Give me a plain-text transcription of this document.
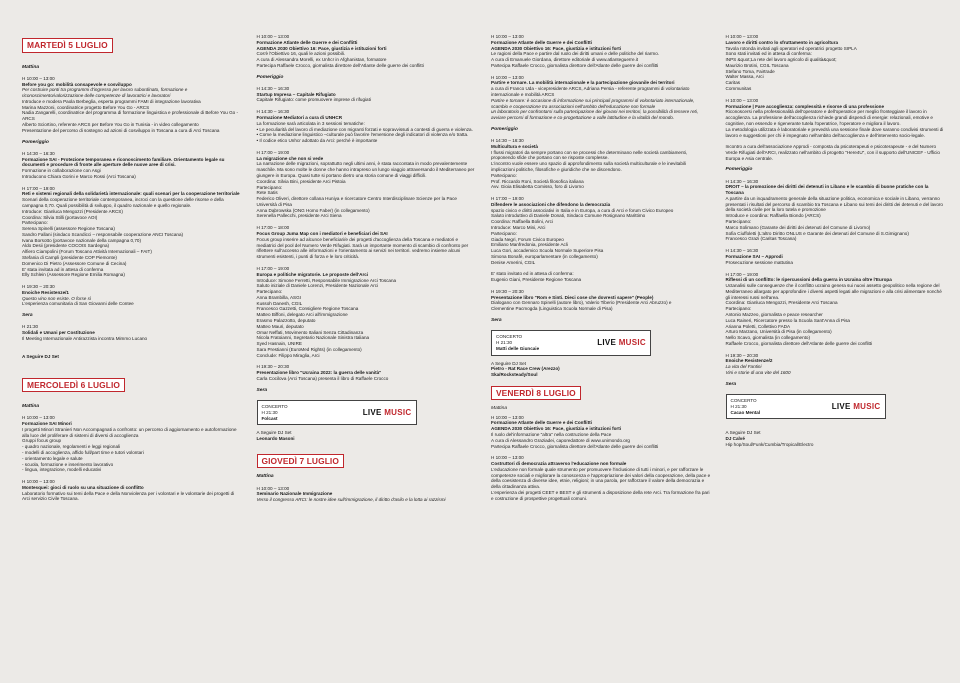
MARTEDÌ 5 LUGLIO
Mattina

H 10:00 – 13:00

Before you go: mobilità consapevole e cosviluppo

Per costruire ponti tra programmi d'ingresso per lavoro subordinato, formazione e riconoscimento/valorizzazione delle competenze di lavoratrici e lavoratori

Introduce e modera Paola Berbeglia, esperta programmi FAMI di integrazione lavorativa

Marina Mazzoni, coordinatrice progetto Before You Go - ARCS

Nadia Zangarelli, coordinatrice del programma di formazione linguistica e professionale di Before You Go - ARCS

Alberto Sciortino, referente ARCS per Before You Go in Tunisia - in video collegamento

Presentazione del percorso di sostegno ad azioni di cosviluppo in Toscana a cura di Arci Toscana

Pomeriggio

H 14:30 – 16:30

Formazione SAI - Protezione temporanea e riconoscimento familiare. Orientamento legale su documenti e procedure di fronte alle aperture delle nuove aree di crisi.

Formazione in collaborazione con Asgi

Introducono Chiara Gorini e Marco Rossi (Arci Toscana)

H 17:00 – 19:00

Reti e sistemi regionali della solidarietà internazionale: quali scenari per la cooperazione territoriale

Scenari della cooperazione territoriale contemporanea, incroci con la questione delle risorse e della campagna 0,70. Quali possibilità di sviluppo, il quadro nazionale e quello regionale.

Introduce: Gianluca Mengozzi (Presidente ARCS)

Coordina: Silvia Stilli (portavoce AOI)

Partecipano:

Serena Spinelli (assessore Regione Toscana)

Sandro Fallani (sindaco Scandicci – responsabile cooperazione ANCI Toscana)

Ivana Borsotto (portavoce nazionale della campagna 0,70)

Aldo Desii (presidente COCOIS Sardegna)

Alfiero Ciampolini (Forum Toscano Attività Internazionali – FAIT)

Stefania di Campli (presidente COP Piemonte)

Domenico Di Pietro (Assessore Comune di Cecina)

E' stata invitata ad in attesa di conferma

Elly Schlein (Assessore Regione Emilia Romagna)

H 19:30 – 20:30

Enoiche Resistenze/1

Questo vino non esiste. O forse sì

L'esperienza comunitaria di San Giovanni delle Contee

Sera

H 21:30

Solidali e Umani per Costituzione

Il Meeting Internazionale Antirazzista incontra Mimmo Lucano

A Seguire DJ Set

MERCOLEDÌ 6 LUGLIO
Mattina

H 10:00 – 13:00

Formazione SAI Minori

I progetti Minori Stranieri Non Accompagnati a confronto: un percorso di aggiornamento e autoformazione alla luce del proliferare di sistemi di diversi di accoglienza

Gruppi focus group

- quadro nazionale, regolamenti e leggi regionali

- modelli di accoglienza, affido full/part time e tutori volontari

- orientamento legale e salute

- scuola, formazione e inserimento lavorativo

- lingua, integrazione, modelli educativi

H 10:00 – 13:00

Montesquei: gioci di ruolo su una situazione di conflitto

Laboratorio formativo sui temi della Pace e della Nonviolenza per i volontari e le volontarie dei progetti di Arci servizio Civile Toscana.

H 10:00 – 13:00

Formazione Atlante delle Guerre e dei Conflitti

AGENDA 2030 Obiettivo 16: Pace, giustizia e istituzioni forti

Cos'è l'Obiettivo 16, quali le azioni possibili.

A cura di Alessandra Morelli, ex Unhcr in Afghanistan, formatore

Partecipa Raffaele Crocco, giornalista direttore dell'Atlante delle guerre dei conflitti

Pomeriggio

H 14:30 – 16:30

Startup Impresa – Capitale Rifugiato

Capitale Rifugiato: come promuovere imprese di rifugiati

H 14:30 – 16:30

Formazione Mediatori a cura di UNHCR

La formazione sarà articolata in 3 sessioni tematiche:

• Le peculiarità del lavoro di mediazione con migranti forzati e sopravvissuti a contesti di guerra e violenza.

• Come la mediazione linguistico –culturale può favorire l'emersione degli indicatori di violenza e/o tratta.

• Il codice etico Unhcr adottato da Arci: perché è importante

H 17:00 – 19:00

La migrazione che non si vede

La narrazione delle migrazioni, soprattutto negli ultimi anni, è stata raccontata in modo prevalentemente maschile. Ma sono molte le donne che hanno intrapreso un lungo viaggio attraversando il Mediterraneo per giungere in Europa. Quasi tutte si portano dietro una storia comune di viaggi difficili.

Coordina: Silvia Bini, presidente Arci Pistoia

Partecipano:

Rete Satis

Federico Oliveri, direttore collana Huniya e ricercatore Centro Interdisciplinare Scienze per la Pace

Università di Pisa

Anna Dąbrowska (ONG Homo Faber) (in collegamento)

Serenella Pallecchi, presidente Arci Siena

H 17:00 – 18:00

Focus Group Juma Map con i mediatori e beneficiari dei SAI

Focus group inserire ad alcunce beneficiari/e dei progetti d'accoglienza della Toscana e mediatori e mediatrici del pool del Numero Verde Rifugiati. Sarà un importante momento di scambio di confronto per riflettere sull'accesso alle informazioni e l'orientamento ai servizi nei territori. vedremo insieme alcuni strumenti esistenti, i punti di forza e le loro criticità.

H 17:00 – 19:00

Europa e politiche migratorie. Le proposte dell'Arci

Introduce: Simone Ferretti, Responsabile Immigrazione Arci Toscana

Saluto iniziale di Daniele Lorenzi, Presidente Nazionale Arci

Partecipano:

Anna Brambilla, ASGI

Kussoh Danesh, CGIL

Francesco Gazzetti, Consigliere Regione Toscana

Matteo Biffoni, delegato Arci all'immigrazione

Erasmo Palazzotto, deputato

Matteo Mauri, deputato

Omar Neffati, Movimento Italiani Senza Cittadinanza

Nicola Fratoianni, Segretario Nazionale Sinistra Italiana

Syed Hasnain, UNIRE

Sara Prestianni (EuroMed Rights) (in collegamento)

Conclude: Filippo Miraglia, Arci

H 19:30 – 20:30

Presentazione libro "Ucraina 2022: la guerra delle vanità"

Carla Cocilova (Arci Toscana) presenta il libro di Raffaele Crocco

Sera

CONCERTO

H 21:30

Folcast

LIVE MUSIC

A Seguire DJ Set

Leonardo Masoni

GIOVEDÌ 7 LUGLIO
Mattina

H 10:00 – 13:00

Seminario Nazionale Immigrazione

Verso il congresso ARCI: le nostre idee sull'immigrazione, il diritto d'asilo e la lotta ai razzismi

H 10:00 – 13:00

Formazione Atlante delle Guerre e dei Conflitti

AGENDA 2030 Obiettivo 16: Pace, giustizia e istituzioni forti

Le ragioni della Pace e partire dal ruolo dei diritti umani e delle politiche del riarmo.

A cura di Emanuele Giordana, direttore editoriale di www.atlanteguerre.it

Partecipa Raffaele Crocco, giornalista direttore dell'Atlante delle guerre dei conflitti

H 10:00 – 13:00

Partire e tornare. La mobilità internazionale e la partecipazione giovanile dei territori

a cura di Franco Uda - vicepresidente ARCS, Adriana Persia - referente programmi di volontariato internazionale e mobilità ARCS

Partire e tornare: è occasione di informazione sui principali programmi di volontariato internazionale, scambio e cooperazione tra associazioni nell'ambito dell'educazione non formale

un laboratorio per confrontarsi sulla partecipazione dei giovani nei territori, la possibilità di tessere reti, avviare percorsi di formazione e co-progettazione a valle lattitudine e la vitalità del mondo.

Pomeriggio

H 14:30 – 16:30

Multicultura e società

I flussi migratori da sempre portano con se processi che determinano nelle società cambiamenti,

proponendo sfide che portano con se risposte complesse.

L'incontro vuole essere uno spazio di approfondimento sulla società multiculturale e le inevitabili

implicazioni politiche, filosofiche e giuridiche che ne discendono.

Partecipano:

Prof. Riccardo Roni, Società filosofica italiana

Avv. Gioia Elisabetta Comisso, foro di Livorno

H 17:00 – 19:00

Difendere le associazioni che difendono la democrazia

spazio civico e diritti associativi in Italia e in Europa, a cura di Arci e forum Civico Europeo

Saluto introduttivo di Daniele Donati, Sindaco Comune Rosignano Marittimo

Coordina: Raffaella Bolini, Arci

Introduce: Marco Mini, Arci

Partecipano:

Giada Negri, Forum Civico Europeo

Emiliano Manfredonia, presidente Acli

Luca Gori, accademico Scuola Normale Superiore Pisa

Simona Bonafè, europarlamentare (in collegamento)

Denise Amerini, CGIL

E' stato invitato ed in attesa di conferma:

Eugenio Giani, Presidente Regione Toscana

H 19:30 – 20:30

Presentazione libro "Rom e Sinti. Dieci cose che dovresti sapere" (People)

Dialogano con Gennaro Spinelli (autore libro), Valerio Tiberio (Presidente Arci Abruzzo) e

Clementine Pacmogda (Linguistica Scuola Normale di Pisa)

Sera

CONCERTO

H 21:30

Matti delle Giuncaie

LIVE MUSIC

A Seguire DJ Set

Pietro - Rat Race Crew (Arezzo)

Ska/Rocksteady/Soul

VENERDÌ 8 LUGLIO
Mattina

H 10:00 – 13:00

Formazione Atlante delle Guerre e dei Conflitti

AGENDA 2030 Obiettivo 16: Pace, giustizia e istituzioni forti

Il ruolo del'informazione "altra" nella costruzione della Pace

A cura di Alessandro Graziadei, caporedattore di www.unimondo.org

Partecipa Raffaele Crocco, giornalista direttore dell'Atlante delle guerre dei conflitti

H 10:00 – 13:00

Costruttori di democrazia attraverso l'educazione non formale

L'educazione non formale quale strumento per promuovere l'inclusione di tutti i minori, e per rafforzare le competenze sociali e migliorare la conoscenza e l'appropriazione dei valori della cooperazione, della pace e della coesistenza di diverse idee, etnie, religioni; in una parola, per rafforzare il valore della democrazia e della cittadinanza attiva.

L'esperienza dei progetti CEET e BEST e gli strumenti a disposizione della rete Arci. Tra formazione fra pari e costruzione di prospettive progettuali comuni.

H 10:00 – 13:00

Lavoro e diritti contro lo sfruttamento in agricoltura

Tavola rotonda invitati agli operatori ed operatrici progetto SIPLA

Sono stati invitati ed in attesa di conferma:

INPS &quot;La rete del lavoro agricolo di qualità&quot;

Maurizio Brotini, CGIL Toscana

Stefano Toma, Fairtrade

Walter Massa, Arci

Caritas

Communitas

H 10:00 – 13:00

Formazione | Fare accoglienza: complessità e risorse di una professione

Riconoscersi nella professionalità dell'operatore e dell'operatrice per meglio fronteggiare il lavoro in accoglienza. La professione dell'accoglienza richiede grandi dispendi di energie: relazionali, emotive e cognitive, non essendo e rigenerante tutela l'operatrice, l'operatore e migliora il lavoro.

La metodologia utilizzata è laboratoriale e prevedrà una sessione finale dove saranno condivisi strumenti di lavoro e suggestioni per chi è impegnato nell'ambito dell'accoglienza e dell'intervento socio-legale.

Incontro a cura dell'associazione Approdi - composta da psicoterapeuti e psicoterapeute - e del Numero Verde Rifugiati dell'ARCI, realizzato nell'ambito di progetto "Here4U", con il supporto dell'UNICEF - Ufficio Europa e Asia centrale.

Pomeriggio

H 14:30 – 16:30

DROIT – la promozione dei diritti dei detenuti in Libano e le scambio di buone pratiche con la Toscana

A partire da un inquadramento generale della situazione politica, economica e sociale in Libano, verranno presentati i risultati del percorso di scambio tra Toscana e Libano sui temi dei diritti dei detenuti e del lavoro della società civile per la loro tutela e promozione

Introduce e coordina: Raffaella Biondo (ARCS)

Partecipano:

Marco Solimano (Garante dei diritti dei detenuti del Comune di Livorno)

Sofia Ciuffoletti (L'altro Diritto ONLUS e Garante dei detenuti del Comune di S.Gimignano)

Francesco Grazi (Caritas Toscana)

H 14:30 – 16:30

Formazione SAI – Approdi

Prosecuzione sessione mattutina

H 17:00 – 19:00

Riflessi di un conflitto: le ripercussioni della guerra in Ucraina oltre l'Europa

Uctanalisi sulle conseguenze che il conflitto ucraino genera sui nuovi assetto geopolitico nella regione del Mediterraneo allargato per approfondire i diversi aspetti legati alle migrazioni e alla crisi alimentare nonché gli interessi russi nell'area.

Coordina: Gianluca Mengozzi, Presidente Arci Toscana

Partecipano:

Antonio Mazzeo, giornalista e peace researcher

Luca Raineri, Ricercatore presso la Scuola Sant'Anna di Pisa

Arianna Poletti, Collettivo FADA

Arturo Marzano, Università di Pisa (in collegamento)

Nello Scavo, giornalista (in collegamento)

Raffaele Crocco, giornalista direttore dell'Atlante delle guerre dei conflitti

H 19:30 – 20:30

Enoiche Resistenze/2

La vita del Fantini

Vini e storie di una vite del 1600

Sera

CONCERTO

H 21:30

Cacao Mental

LIVE MUSIC

A Seguire DJ Set

DJ Calvé

Hip hop/Soul/Funk/Cumbia/Tropical/Electro
